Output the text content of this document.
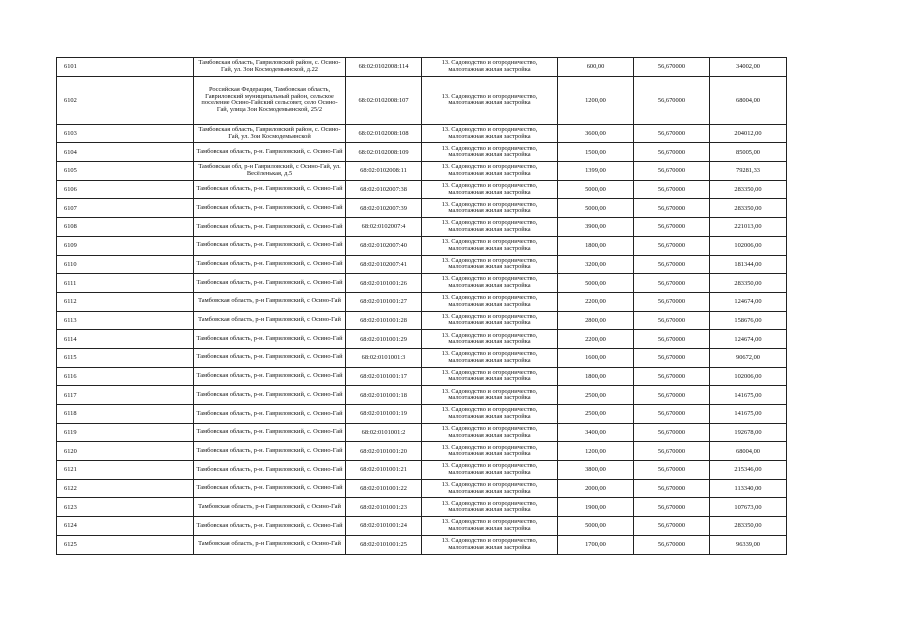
6101	Тамбовская область, Гавриловский район, с. Осино-Гай, ул. Зои Космодемьянской, д.22	68:02:0102008:114	13. Садоводство и огородничество, малоэтажная жилая застройка	600,00	56,670000	34002,00
6102	Российская Федерация, Тамбовская область, Гавриловский муниципальный район, сельское поселение Осино-Гайский сельсовет, село Осино-Гай, улица Зои Космодемьянской, 25/2	68:02:0102008:107	13. Садоводство и огородничество, малоэтажная жилая застройка	1200,00	56,670000	68004,00
6103	Тамбовская область, Гавриловский район, с. Осино-Гай, ул. Зои Космодемьянской	68:02:0102008:108	13. Садоводство и огородничество, малоэтажная жилая застройка	3600,00	56,670000	204012,00
6104	Тамбовская область, р-н. Гавриловский, с. Осино-Гай	68:02:0102008:109	13. Садоводство и огородничество, малоэтажная жилая застройка	1500,00	56,670000	85005,00
6105	Тамбовская обл, р-н Гавриловский, с Осино-Гай, ул. Весёленькая, д.5	68:02:0102008:11	13. Садоводство и огородничество, малоэтажная жилая застройка	1399,00	56,670000	79281,33
6106	Тамбовская область, р-н. Гавриловский, с. Осино-Гай	68:02:0102007:38	13. Садоводство и огородничество, малоэтажная жилая застройка	5000,00	56,670000	283350,00
6107	Тамбовская область, р-н. Гавриловский, с. Осино-Гай	68:02:0102007:39	13. Садоводство и огородничество, малоэтажная жилая застройка	5000,00	56,670000	283350,00
6108	Тамбовская область, р-н. Гавриловский, с. Осино-Гай	68:02:0102007:4	13. Садоводство и огородничество, малоэтажная жилая застройка	3900,00	56,670000	221013,00
6109	Тамбовская область, р-н. Гавриловский, с. Осино-Гай	68:02:0102007:40	13. Садоводство и огородничество, малоэтажная жилая застройка	1800,00	56,670000	102006,00
6110	Тамбовская область, р-н. Гавриловский, с. Осино-Гай	68:02:0102007:41	13. Садоводство и огородничество, малоэтажная жилая застройка	3200,00	56,670000	181344,00
6111	Тамбовская область, р-н. Гавриловский, с. Осино-Гай	68:02:0101001:26	13. Садоводство и огородничество, малоэтажная жилая застройка	5000,00	56,670000	283350,00
6112	Тамбовская область, р-н Гавриловский, с Осино-Гай	68:02:0101001:27	13. Садоводство и огородничество, малоэтажная жилая застройка	2200,00	56,670000	124674,00
6113	Тамбовская область, р-н Гавриловский, с Осино-Гай	68:02:0101001:28	13. Садоводство и огородничество, малоэтажная жилая застройка	2800,00	56,670000	158676,00
6114	Тамбовская область, р-н. Гавриловский, с. Осино-Гай	68:02:0101001:29	13. Садоводство и огородничество, малоэтажная жилая застройка	2200,00	56,670000	124674,00
6115	Тамбовская область, р-н. Гавриловский, с. Осино-Гай	68:02:0101001:3	13. Садоводство и огородничество, малоэтажная жилая застройка	1600,00	56,670000	90672,00
6116	Тамбовская область, р-н. Гавриловский, с. Осино-Гай	68:02:0101001:17	13. Садоводство и огородничество, малоэтажная жилая застройка	1800,00	56,670000	102006,00
6117	Тамбовская область, р-н. Гавриловский, с. Осино-Гай	68:02:0101001:18	13. Садоводство и огородничество, малоэтажная жилая застройка	2500,00	56,670000	141675,00
6118	Тамбовская область, р-н. Гавриловский, с. Осино-Гай	68:02:0101001:19	13. Садоводство и огородничество, малоэтажная жилая застройка	2500,00	56,670000	141675,00
6119	Тамбовская область, р-н. Гавриловский, с. Осино-Гай	68:02:0101001:2	13. Садоводство и огородничество, малоэтажная жилая застройка	3400,00	56,670000	192678,00
6120	Тамбовская область, р-н. Гавриловский, с. Осино-Гай	68:02:0101001:20	13. Садоводство и огородничество, малоэтажная жилая застройка	1200,00	56,670000	68004,00
6121	Тамбовская область, р-н. Гавриловский, с. Осино-Гай	68:02:0101001:21	13. Садоводство и огородничество, малоэтажная жилая застройка	3800,00	56,670000	215346,00
6122	Тамбовская область, р-н. Гавриловский, с. Осино-Гай	68:02:0101001:22	13. Садоводство и огородничество, малоэтажная жилая застройка	2000,00	56,670000	113340,00
6123	Тамбовская область, р-н Гавриловский, с Осино-Гай	68:02:0101001:23	13. Садоводство и огородничество, малоэтажная жилая застройка	1900,00	56,670000	107673,00
6124	Тамбовская область, р-н. Гавриловский, с. Осино-Гай	68:02:0101001:24	13. Садоводство и огородничество, малоэтажная жилая застройка	5000,00	56,670000	283350,00
6125	Тамбовская область, р-н Гавриловский, с Осино-Гай	68:02:0101001:25	13. Садоводство и огородничество, малоэтажная жилая застройка	1700,00	56,670000	96339,00
